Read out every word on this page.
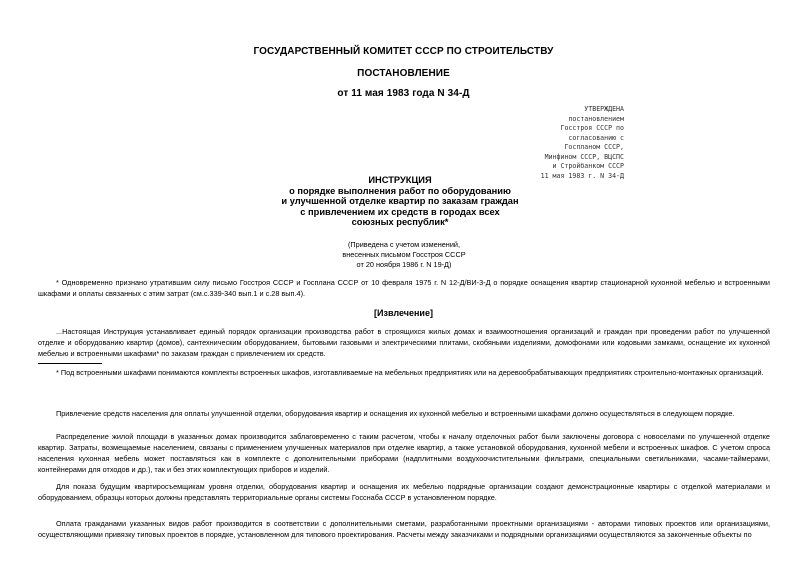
ГОСУДАРСТВЕННЫЙ КОМИТЕТ СССР ПО СТРОИТЕЛЬСТВУ
ПОСТАНОВЛЕНИЕ
от 11 мая 1983 года N 34-Д
УТВЕРЖДЕНА
постановлением
Госстроя СССР по
согласованию с
Госпланом СССР,
Минфином СССР, ВЦСПС
и Стройбанком СССР
11 мая 1983 г. N 34-Д
ИНСТРУКЦИЯ
о порядке выполнения работ по оборудованию
и улучшенной отделке квартир по заказам граждан
с привлечением их средств в городах всех
союзных республик*
(Приведена с учетом изменений,
внесенных письмом Госстроя СССР
от 20 ноября 1986 г. N 19-Д)
* Одновременно признано утратившим силу письмо Госстроя СССР и Госплана СССР от 10 февраля 1975 г. N 12-Д/ВИ-3-Д о порядке оснащения квартир стационарной кухонной мебелью и встроенными шкафами и оплаты связанных с этим затрат (см.с.339-340 вып.1 и с.28 вып.4).
[Извлечение]
...Настоящая Инструкция устанавливает единый порядок организации производства работ в строящихся жилых домах и взаимоотношения организаций и граждан при проведении работ по улучшенной отделке и оборудованию квартир (домов), сантехническим оборудованием, бытовыми газовыми и электрическими плитами, скобяными изделиями, домофонами или кодовыми замками, оснащение их кухонной мебелью и встроенными шкафами* по заказам граждан с привлечением их средств.
* Под встроенными шкафами понимаются комплекты встроенных шкафов, изготавливаемые на мебельных предприятиях или на деревообрабатывающих предприятиях строительно-монтажных организаций.
Привлечение средств населения для оплаты улучшенной отделки, оборудования квартир и оснащения их кухонной мебелью и встроенными шкафами должно осуществляться в следующем порядке.
Распределение жилой площади в указанных домах производится заблаговременно с таким расчетом, чтобы к началу отделочных работ были заключены договора с новоселами по улучшенной отделке квартир. Затраты, возмещаемые населением, связаны с применением улучшенных материалов при отделке квартир, а также установкой оборудования, кухонной мебели и встроенных шкафов. С учетом спроса населения кухонная мебель может поставляться как в комплекте с дополнительными приборами (надплитными воздухоочистительными фильтрами, специальными светильниками, часами-таймерами, контейнерами для отходов и др.), так и без этих комплектующих приборов и изделий.
Для показа будущим квартиросъемщикам уровня отделки, оборудования квартир и оснащения их мебелью подрядные организации создают демонстрационные квартиры с отделкой материалами и оборудованием, образцы которых должны представлять территориальные органы системы Госснаба СССР в установленном порядке.
Оплата гражданами указанных видов работ производится в соответствии с дополнительными сметами, разработанными проектными организациями - авторами типовых проектов или организациями, осуществляющими привязку типовых проектов в порядке, установленном для типового проектирования. Расчеты между заказчиками и подрядными организациями осуществляются за законченные объекты по
